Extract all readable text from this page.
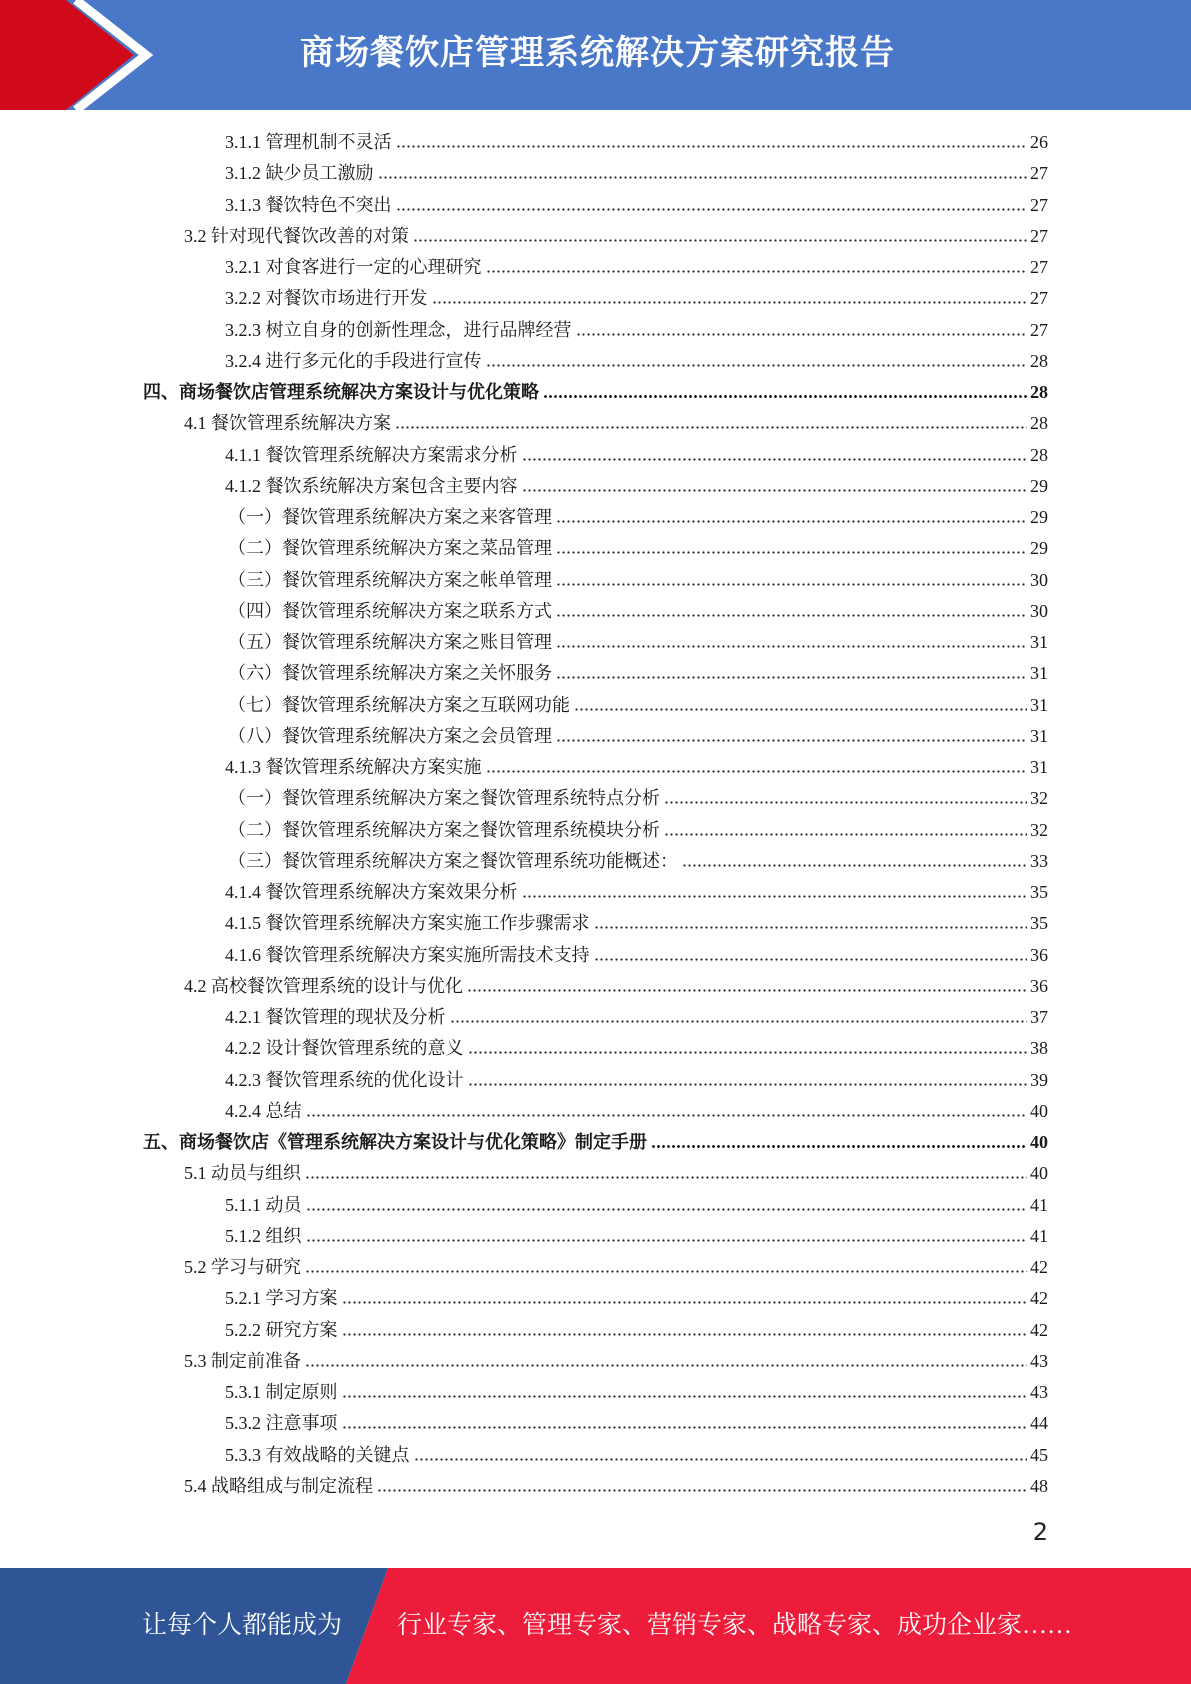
商场餐饮店管理系统解决方案研究报告
3.1.1 管理机制不灵活	26
3.1.2 缺少员工激励	27
3.1.3 餐饮特色不突出	27
3.2 针对现代餐饮改善的对策	27
3.2.1 对食客进行一定的心理研究	27
3.2.2 对餐饮市场进行开发	27
3.2.3 树立自身的创新性理念，进行品牌经营	27
3.2.4 进行多元化的手段进行宣传	28
四、商场餐饮店管理系统解决方案设计与优化策略	28
4.1 餐饮管理系统解决方案	28
4.1.1 餐饮管理系统解决方案需求分析	28
4.1.2 餐饮系统解决方案包含主要内容	29
（一）餐饮管理系统解决方案之来客管理	29
（二）餐饮管理系统解决方案之菜品管理	29
（三）餐饮管理系统解决方案之帐单管理	30
（四）餐饮管理系统解决方案之联系方式	30
（五）餐饮管理系统解决方案之账目管理	31
（六）餐饮管理系统解决方案之关怀服务	31
（七）餐饮管理系统解决方案之互联网功能	31
（八）餐饮管理系统解决方案之会员管理	31
4.1.3 餐饮管理系统解决方案实施	31
（一）餐饮管理系统解决方案之餐饮管理系统特点分析	32
（二）餐饮管理系统解决方案之餐饮管理系统模块分析	32
（三）餐饮管理系统解决方案之餐饮管理系统功能概述：	33
4.1.4 餐饮管理系统解决方案效果分析	35
4.1.5 餐饮管理系统解决方案实施工作步骤需求	35
4.1.6 餐饮管理系统解决方案实施所需技术支持	36
4.2 高校餐饮管理系统的设计与优化	36
4.2.1 餐饮管理的现状及分析	37
4.2.2 设计餐饮管理系统的意义	38
4.2.3 餐饮管理系统的优化设计	39
4.2.4 总结	40
五、商场餐饮店《管理系统解决方案设计与优化策略》制定手册	40
5.1 动员与组织	40
5.1.1 动员	41
5.1.2 组织	41
5.2 学习与研究	42
5.2.1 学习方案	42
5.2.2 研究方案	42
5.3 制定前准备	43
5.3.1 制定原则	43
5.3.2 注意事项	44
5.3.3 有效战略的关键点	45
5.4 战略组成与制定流程	48
2
让每个人都能成为 行业专家、管理专家、营销专家、战略专家、成功企业家……
